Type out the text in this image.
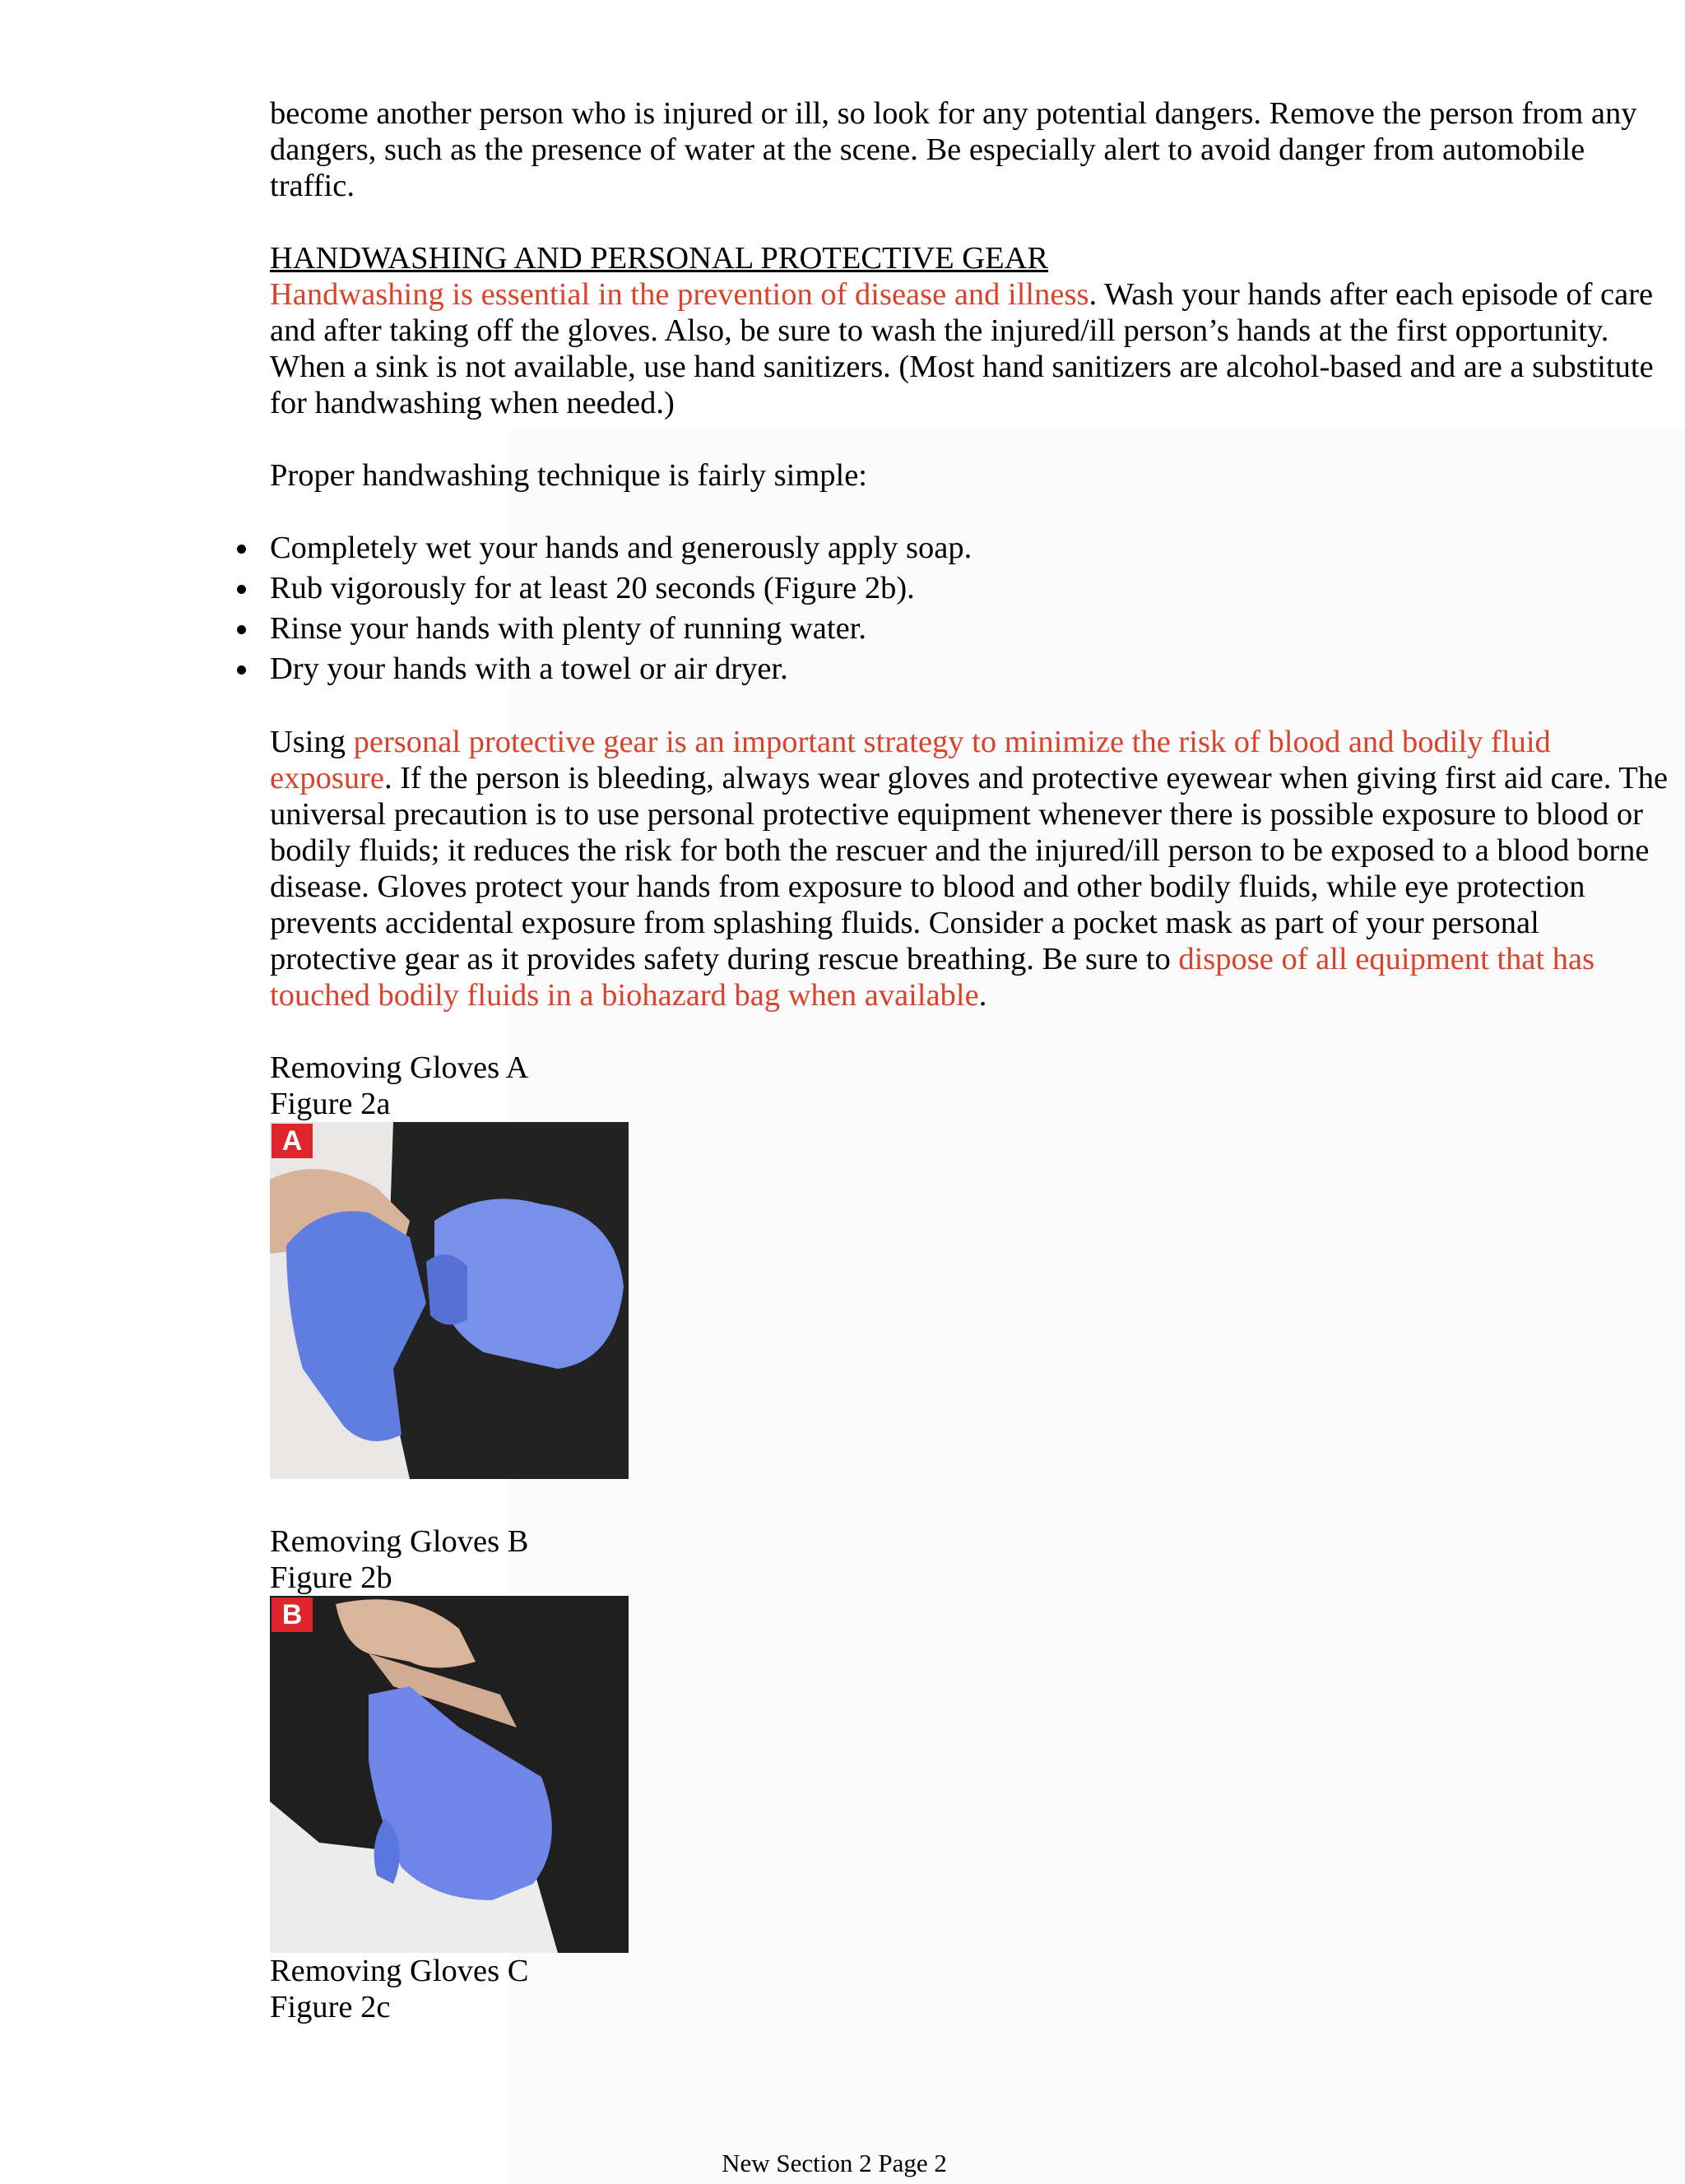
become another person who is injured or ill, so look for any potential dangers. Remove the person from any dangers, such as the presence of water at the scene. Be especially alert to avoid danger from automobile traffic.

HANDWASHING AND PERSONAL PROTECTIVE GEAR

Handwashing is essential in the prevention of disease and illness. Wash your hands after each episode of care and after taking off the gloves. Also, be sure to wash the injured/ill person’s hands at the first opportunity. When a sink is not available, use hand sanitizers. (Most hand sanitizers are alcohol-based and are a substitute for handwashing when needed.)

Proper handwashing technique is fairly simple:

Completely wet your hands and generously apply soap.
Rub vigorously for at least 20 seconds (Figure 2b).
Rinse your hands with plenty of running water.
Dry your hands with a towel or air dryer.

Using personal protective gear is an important strategy to minimize the risk of blood and bodily fluid exposure. If the person is bleeding, always wear gloves and protective eyewear when giving first aid care. The universal precaution is to use personal protective equipment whenever there is possible exposure to blood or bodily fluids; it reduces the risk for both the rescuer and the injured/ill person to be exposed to a blood borne disease. Gloves protect your hands from exposure to blood and other bodily fluids, while eye protection prevents accidental exposure from splashing fluids. Consider a pocket mask as part of your personal protective gear as it provides safety during rescue breathing. Be sure to dispose of all equipment that has touched bodily fluids in a biohazard bag when available.

Removing Gloves A

Figure 2a

A

Removing Gloves B

Figure 2b

B

Removing Gloves C

Figure 2c

New Section 2 Page 2
